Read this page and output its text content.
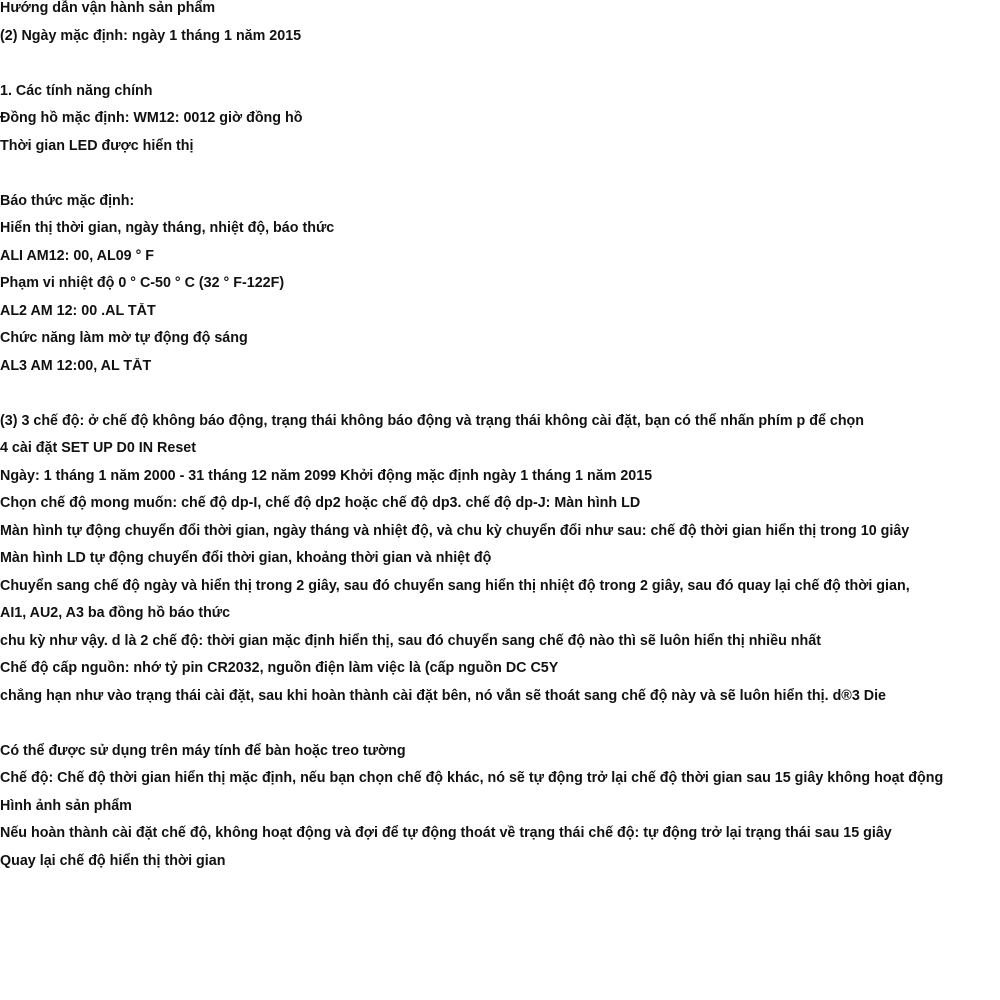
Hướng dẫn vận hành sản phẩm
(2) Ngày mặc định: ngày 1 tháng 1 năm 2015
1. Các tính năng chính
Đồng hồ mặc định: WM12: 0012 giờ đồng hồ
Thời gian LED được hiển thị
Báo thức mặc định:
Hiển thị thời gian, ngày tháng, nhiệt độ, báo thức
ALI AM12: 00, AL09 ° F
Phạm vi nhiệt độ 0 ° C-50 ° C (32 ° F-122F)
AL2 AM 12: 00 .AL TẮT
Chức năng làm mờ tự động độ sáng
AL3 AM 12:00, AL TẮT
(3) 3 chế độ: ở chế độ không báo động, trạng thái không báo động và trạng thái không cài đặt, bạn có thể nhấn phím p để chọn
4 cài đặt SET UP D0 IN Reset
Ngày: 1 tháng 1 năm 2000 - 31 tháng 12 năm 2099 Khởi động mặc định ngày 1 tháng 1 năm 2015
Chọn chế độ mong muốn: chế độ dp-I, chế độ dp2 hoặc chế độ dp3. chế độ dp-J: Màn hình LD
Màn hình tự động chuyển đổi thời gian, ngày tháng và nhiệt độ, và chu kỳ chuyển đổi như sau: chế độ thời gian hiển thị trong 10 giây
Màn hình LD tự động chuyển đổi thời gian, khoảng thời gian và nhiệt độ
Chuyển sang chế độ ngày và hiển thị trong 2 giây, sau đó chuyển sang hiển thị nhiệt độ trong 2 giây, sau đó quay lại chế độ thời gian,
AI1, AU2, A3 ba đồng hồ báo thức
chu kỳ như vậy. d là 2 chế độ: thời gian mặc định hiển thị, sau đó chuyển sang chế độ nào thì sẽ luôn hiển thị nhiều nhất
Chế độ cấp nguồn: nhớ tỷ pin CR2032, nguồn điện làm việc là (cấp nguồn DC C5Y
chẳng hạn như vào trạng thái cài đặt, sau khi hoàn thành cài đặt bên, nó vẫn sẽ thoát sang chế độ này và sẽ luôn hiển thị. d®3 Die
Có thể được sử dụng trên máy tính để bàn hoặc treo tường
Chế độ: Chế độ thời gian hiển thị mặc định, nếu bạn chọn chế độ khác, nó sẽ tự động trở lại chế độ thời gian sau 15 giây không hoạt động
Hình ảnh sản phẩm
Nếu hoàn thành cài đặt chế độ, không hoạt động và đợi để tự động thoát về trạng thái chế độ: tự động trở lại trạng thái sau 15 giây
Quay lại chế độ hiển thị thời gian
